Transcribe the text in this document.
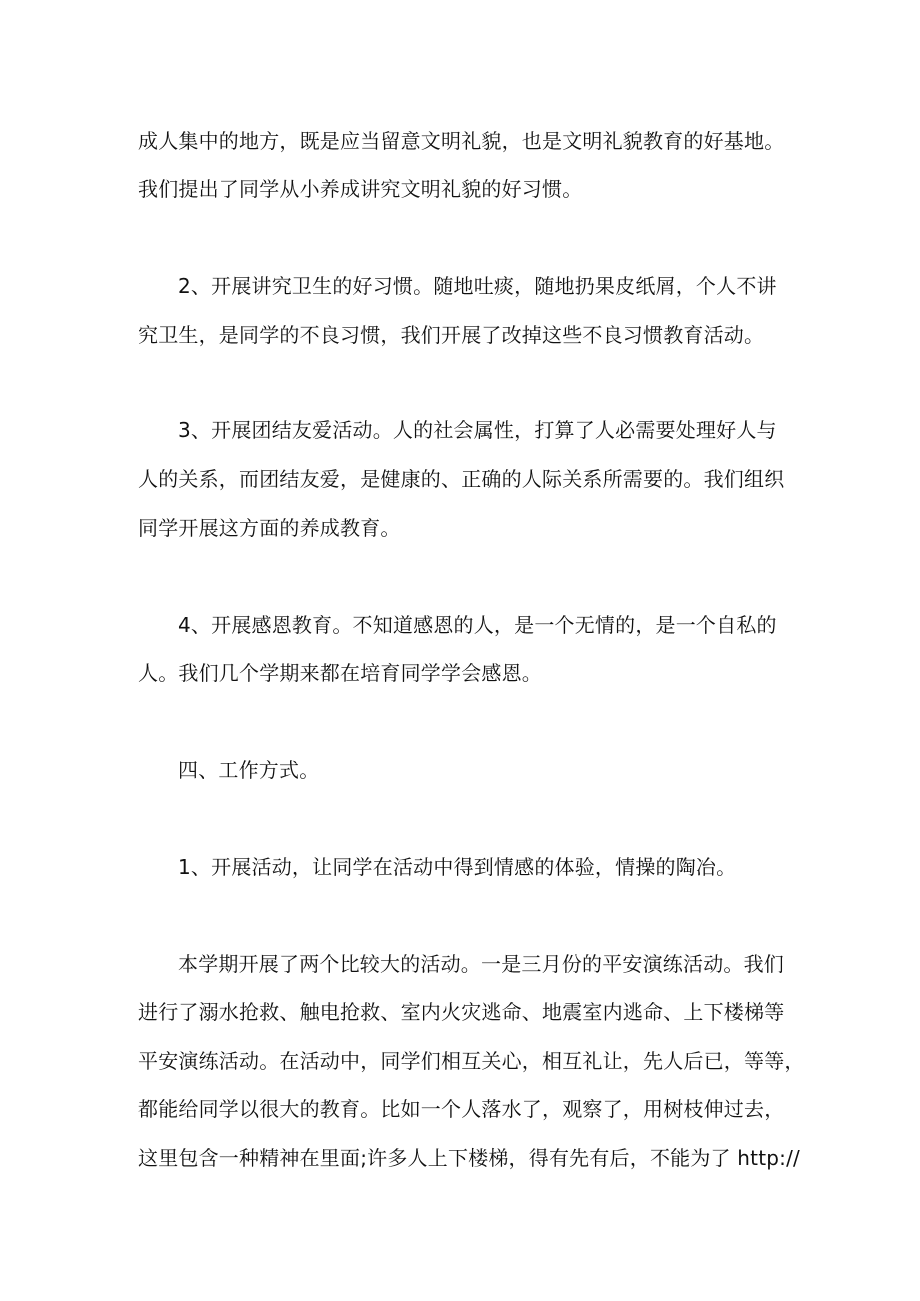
成人集中的地方，既是应当留意文明礼貌，也是文明礼貌教育的好基地。
我们提出了同学从小养成讲究文明礼貌的好习惯。
2、开展讲究卫生的好习惯。随地吐痰，随地扔果皮纸屑，个人不讲
究卫生，是同学的不良习惯，我们开展了改掉这些不良习惯教育活动。
3、开展团结友爱活动。人的社会属性，打算了人必需要处理好人与
人的关系，而团结友爱，是健康的、正确的人际关系所需要的。我们组织
同学开展这方面的养成教育。
4、开展感恩教育。不知道感恩的人，是一个无情的，是一个自私的
人。我们几个学期来都在培育同学学会感恩。
四、工作方式。
1、开展活动，让同学在活动中得到情感的体验，情操的陶冶。
本学期开展了两个比较大的活动。一是三月份的平安演练活动。我们
进行了溺水抢救、触电抢救、室内火灾逃命、地震室内逃命、上下楼梯等
平安演练活动。在活动中，同学们相互关心，相互礼让，先人后已，等等，
都能给同学以很大的教育。比如一个人落水了，观察了，用树枝伸过去，
这里包含一种精神在里面;许多人上下楼梯，得有先有后，不能为了 http://
